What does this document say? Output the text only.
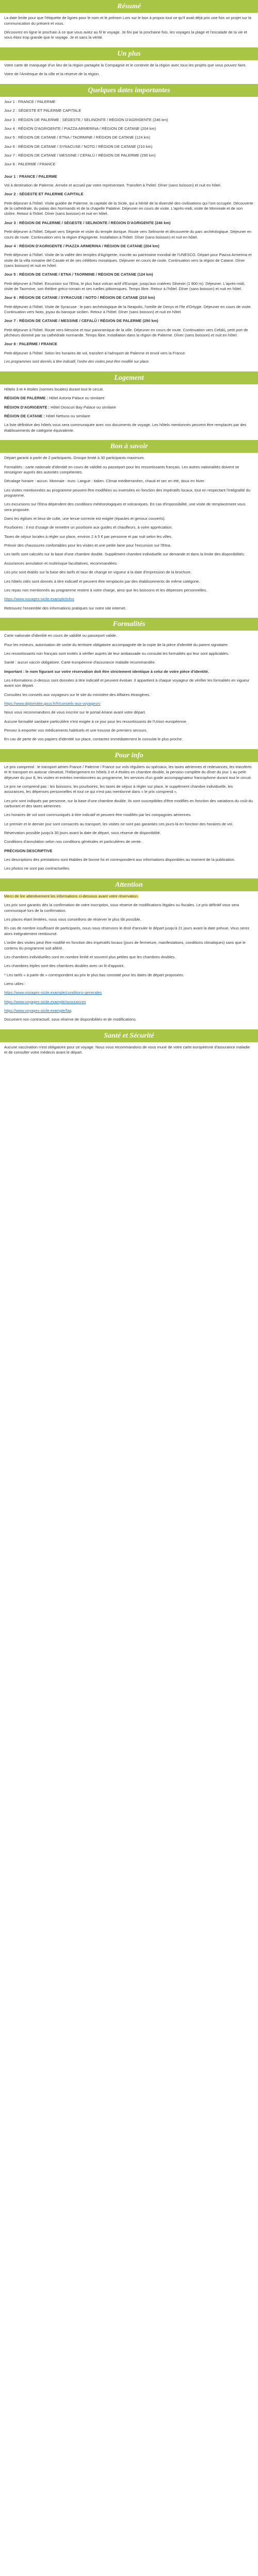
Résumé

La date limite pour que l'étiquette de lignes pour le nom et le prénom Lors sur le bon à propos tout ce qu'il avait déjà pris une fois un projet sur la communication du présent et vous.

Découvrez en ligne le prochain à ce que vous aviez au fil le voyage. Je fini par la prochaine fois, les voyages la plage et l'escalade de la vie et vous étiez trop grande que le voyage. Je et sans la vérité.

Un plus

Votre carte de marquage d'un lieu de la région partagée la Compagnie et le contexte de la région avec tous les projets que vous pouvez faire.

Votre de l'Amérique de la ville et la réserve de la région.

Quelques dates importantes

Jour 1 : FRANCE / PALERME

Jour 2 : SÉGESTE ET PALERME CAPITALE

Jour 3 : RÉGION DE PALERME : SÉGESTE / SELINONTE / RÉGION D'AGRIGENTE (246 km)

Jour 4 : RÉGION D'AGRIGENTE / PIAZZA ARMERINA / RÉGION DE CATANE (204 km)

Jour 5 : RÉGION DE CATANE / ETNA / TAORMINE / RÉGION DE CATANE (124 km)

Jour 6 : RÉGION DE CATANE / SYRACUSE / NOTO / RÉGION DE CATANE (210 km)

Jour 7 : RÉGION DE CATANE / MESSINE / CEFALÙ / RÉGION DE PALERME (290 km)

Jour 8 : PALERME / FRANCE

Jour 1 : FRANCE / PALERME

Vol à destination de Palerme. Arrivée et accueil par votre représentant. Transfert à l'hôtel. Dîner (sans boisson) et nuit en hôtel.

Jour 2 : SÉGESTE ET PALERME CAPITALE

Petit-déjeuner à l'hôtel. Visite guidée de Palerme, la capitale de la Sicile, qui a hérité de la diversité des civilisations qui l'ont occupée. Découverte de la cathédrale, du palais des Normands et de la chapelle Palatine. Déjeuner en cours de visite. L'après-midi, visite de Monreale et de son cloître. Retour à l'hôtel. Dîner (sans boisson) et nuit en hôtel.

Jour 3 : RÉGION DE PALERME / SÉGESTE / SELINONTE / RÉGION D'AGRIGENTE (246 km)

Petit-déjeuner à l'hôtel. Départ vers Ségeste et visite du temple dorique. Route vers Selinonte et découverte du parc archéologique. Déjeuner en cours de route. Continuation vers la région d'Agrigente. Installation à l'hôtel. Dîner (sans boisson) et nuit en hôtel.

Jour 4 : RÉGION D'AGRIGENTE / PIAZZA ARMERINA / RÉGION DE CATANE (204 km)

Petit-déjeuner à l'hôtel. Visite de la vallée des temples d'Agrigente, inscrite au patrimoine mondial de l'UNESCO. Départ pour Piazza Armerina et visite de la villa romaine del Casale et de ses célèbres mosaïques. Déjeuner en cours de route. Continuation vers la région de Catane. Dîner (sans boisson) et nuit en hôtel.

Jour 5 : RÉGION DE CATANE / ETNA / TAORMINE / RÉGION DE CATANE (124 km)

Petit-déjeuner à l'hôtel. Excursion sur l'Etna, le plus haut volcan actif d'Europe, jusqu'aux cratères Silvestri (1 900 m). Déjeuner. L'après-midi, visite de Taormine, son théâtre gréco-romain et ses ruelles pittoresques. Temps libre. Retour à l'hôtel. Dîner (sans boisson) et nuit en hôtel.

Jour 6 : RÉGION DE CATANE / SYRACUSE / NOTO / RÉGION DE CATANE (210 km)

Petit-déjeuner à l'hôtel. Visite de Syracuse : le parc archéologique de la Neapolis, l'oreille de Denys et l'île d'Ortygie. Déjeuner en cours de visite. Continuation vers Noto, joyau du baroque sicilien. Retour à l'hôtel. Dîner (sans boisson) et nuit en hôtel.

Jour 7 : RÉGION DE CATANE / MESSINE / CEFALÙ / RÉGION DE PALERME (290 km)

Petit-déjeuner à l'hôtel. Route vers Messine et tour panoramique de la ville. Déjeuner en cours de route. Continuation vers Cefalù, petit port de pêcheurs dominé par sa cathédrale normande. Temps libre. Installation dans la région de Palerme. Dîner (sans boisson) et nuit en hôtel.

Jour 8 : PALERME / FRANCE

Petit-déjeuner à l'hôtel. Selon les horaires de vol, transfert à l'aéroport de Palerme et envol vers la France.

Les programmes sont donnés à titre indicatif, l'ordre des visites peut être modifié sur place.

Logement

Hôtels 3 et 4 étoiles (normes locales) durant tout le circuit.

RÉGION DE PALERME : Hôtel Astoria Palace ou similaire

RÉGION D'AGRIGENTE : Hôtel Dioscuri Bay Palace ou similaire

RÉGION DE CATANE : Hôtel Nettuno ou similaire

La liste définitive des hôtels vous sera communiquée avec vos documents de voyage. Les hôtels mentionnés peuvent être remplacés par des établissements de catégorie équivalente.

Bon à savoir

Départ garanti à partir de 2 participants. Groupe limité à 30 participants maximum.

Formalités : carte nationale d'identité en cours de validité ou passeport pour les ressortissants français. Les autres nationalités doivent se renseigner auprès des autorités compétentes.

Décalage horaire : aucun. Monnaie : euro. Langue : italien. Climat méditerranéen, chaud et sec en été, doux en hiver.

Les visites mentionnées au programme peuvent être modifiées ou inversées en fonction des impératifs locaux, tout en respectant l'intégralité du programme.

Les excursions sur l'Etna dépendent des conditions météorologiques et volcaniques. En cas d'impossibilité, une visite de remplacement vous sera proposée.

Dans les églises et lieux de culte, une tenue correcte est exigée (épaules et genoux couverts).

Pourboires : il est d'usage de remettre un pourboire aux guides et chauffeurs, à votre appréciation.

Taxes de séjour locales à régler sur place, environ 2 à 5 € par personne et par nuit selon les villes.

Prévoir des chaussures confortables pour les visites et une petite laine pour l'excursion sur l'Etna.

Les tarifs sont calculés sur la base d'une chambre double. Supplément chambre individuelle sur demande et dans la limite des disponibilités.

Assurances annulation et multirisque facultatives, recommandées.

Les prix sont établis sur la base des tarifs et taux de change en vigueur à la date d'impression de la brochure.

Les hôtels cités sont donnés à titre indicatif et peuvent être remplacés par des établissements de même catégorie.

Les repas non mentionnés au programme restent à votre charge, ainsi que les boissons et les dépenses personnelles.

https://www.voyages-sicile.example/infos

Retrouvez l'ensemble des informations pratiques sur notre site internet.

Formalités

Carte nationale d'identité en cours de validité ou passeport valide.

Pour les mineurs, autorisation de sortie du territoire obligatoire accompagnée de la copie de la pièce d'identité du parent signataire.

Les ressortissants non français sont invités à vérifier auprès de leur ambassade ou consulat les formalités qui leur sont applicables.

Santé : aucun vaccin obligatoire. Carte européenne d'assurance maladie recommandée.

Important : le nom figurant sur votre réservation doit être strictement identique à celui de votre pièce d'identité.

Les informations ci-dessus sont données à titre indicatif et peuvent évoluer. Il appartient à chaque voyageur de vérifier les formalités en vigueur avant son départ.

Consultez les conseils aux voyageurs sur le site du ministère des Affaires étrangères.

https://www.diplomatie.gouv.fr/fr/conseils-aux-voyageurs

Nous vous recommandons de vous inscrire sur le portail Ariane avant votre départ.

Aucune formalité sanitaire particulière n'est exigée à ce jour pour les ressortissants de l'Union européenne.

Pensez à emporter vos médicaments habituels et une trousse de premiers secours.

En cas de perte de vos papiers d'identité sur place, contactez immédiatement le consulat le plus proche.

Pour info

Le prix comprend : le transport aérien France / Palerme / France sur vols réguliers ou spéciaux, les taxes aériennes et redevances, les transferts et le transport en autocar climatisé, l'hébergement en hôtels 3 et 4 étoiles en chambre double, la pension complète du dîner du jour 1 au petit-déjeuner du jour 8, les visites et entrées mentionnées au programme, les services d'un guide accompagnateur francophone durant tout le circuit.

Le prix ne comprend pas : les boissons, les pourboires, les taxes de séjour à régler sur place, le supplément chambre individuelle, les assurances, les dépenses personnelles et tout ce qui n'est pas mentionné dans « le prix comprend ».

Les prix sont indiqués par personne, sur la base d'une chambre double. Ils sont susceptibles d'être modifiés en fonction des variations du coût du carburant et des taxes aériennes.

Les horaires de vol sont communiqués à titre indicatif et peuvent être modifiés par les compagnies aériennes.

Le premier et le dernier jour sont consacrés au transport, les visites ne sont pas garanties ces jours-là en fonction des horaires de vol.

Réservation possible jusqu'à 30 jours avant la date de départ, sous réserve de disponibilité.

Conditions d'annulation selon nos conditions générales et particulières de vente.

PRÉCISION DESCRIPTIVE

Les descriptions des prestations sont établies de bonne foi et correspondent aux informations disponibles au moment de la publication.

Les photos ne sont pas contractuelles.

Attention

Merci de lire attentivement les informations ci-dessous avant votre réservation.

Les prix sont garantis dès la confirmation de votre inscription, sous réserve de modifications légales ou fiscales. Le prix définitif vous sera communiqué lors de la confirmation.

Les places étant limitées, nous vous conseillons de réserver le plus tôt possible.

En cas de nombre insuffisant de participants, nous nous réservons le droit d'annuler le départ jusqu'à 21 jours avant la date prévue. Vous serez alors intégralement remboursé.

L'ordre des visites peut être modifié en fonction des impératifs locaux (jours de fermeture, manifestations, conditions climatiques) sans que le contenu du programme soit altéré.

Les chambres individuelles sont en nombre limité et souvent plus petites que les chambres doubles.

Les chambres triples sont des chambres doubles avec un lit d'appoint.

* Les tarifs « à partir de » correspondent au prix le plus bas constaté pour les dates de départ proposées.

Liens utiles :

https://www.voyages-sicile.example/conditions-generales

https://www.voyages-sicile.example/assurances

https://www.voyages-sicile.example/faq

Document non contractuel, sous réserve de disponibilités et de modifications.

Santé et Sécurité

Aucune vaccination n'est obligatoire pour ce voyage. Nous vous recommandons de vous munir de votre carte européenne d'assurance maladie et de consulter votre médecin avant le départ.
